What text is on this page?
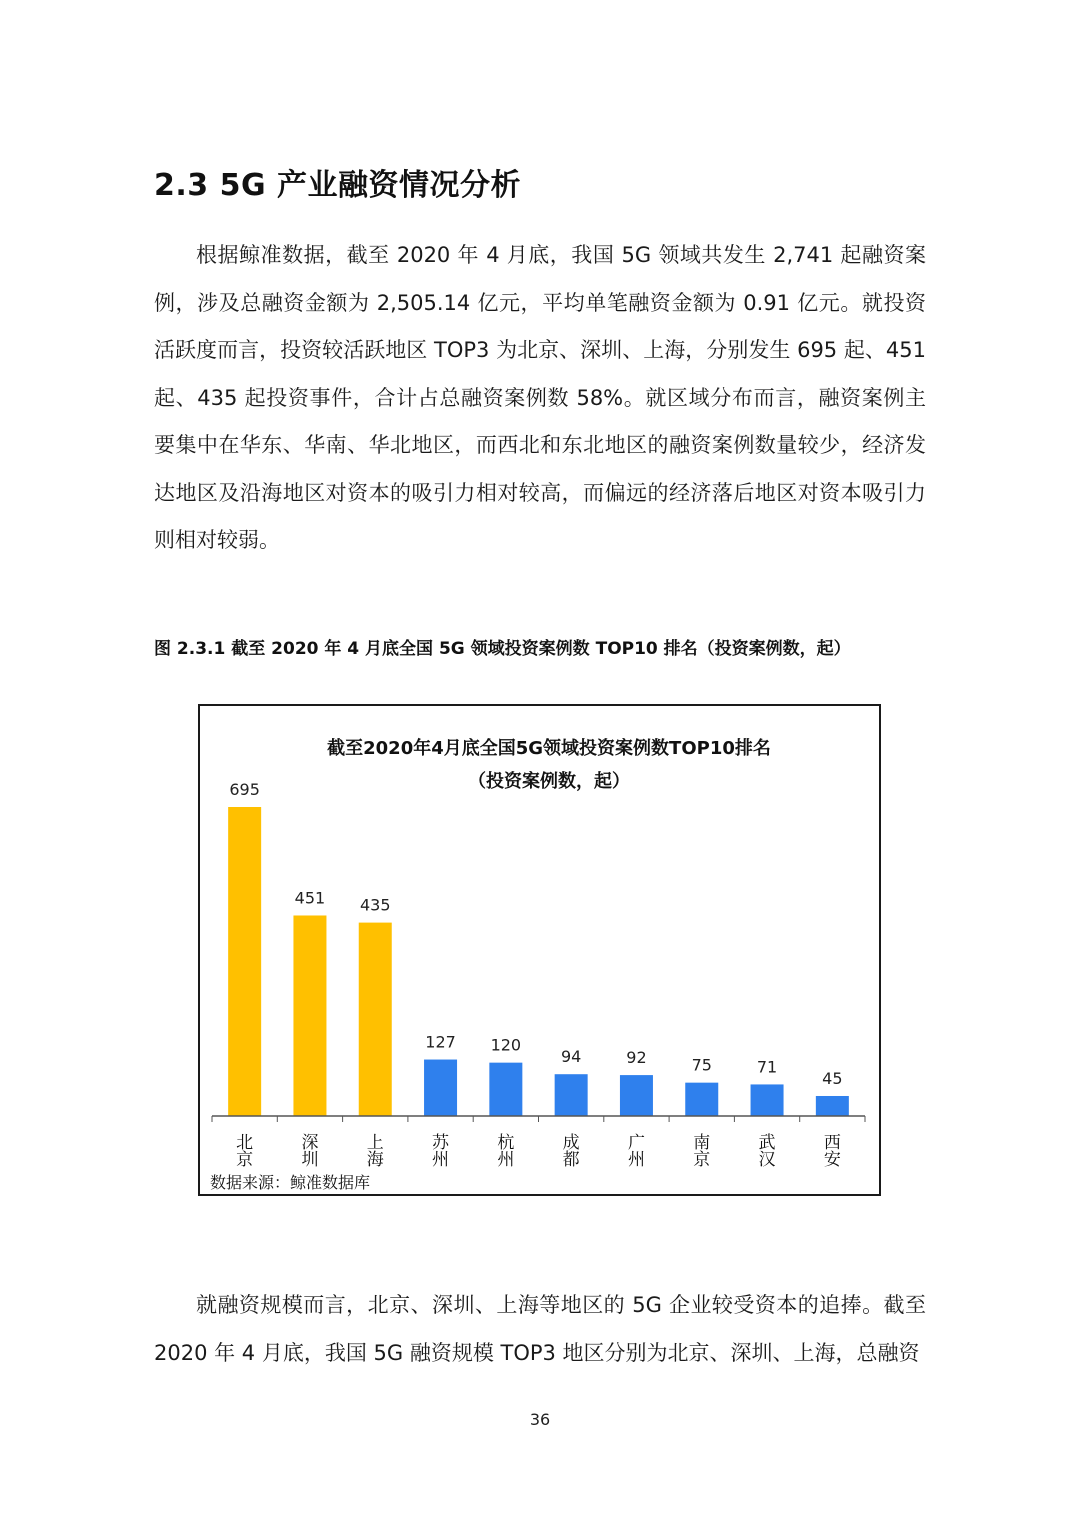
2.3 5G 产业融资情况分析

根据鲸准数据，截至 2020 年 4 月底，我国 5G 领域共发生 2,741 起融资案例，涉及总融资金额为 2,505.14 亿元，平均单笔融资金额为 0.91 亿元。就投资活跃度而言，投资较活跃地区 TOP3 为北京、深圳、上海，分别发生 695 起、451 起、435 起投资事件，合计占总融资案例数 58%。就区域分布而言，融资案例主要集中在华东、华南、华北地区，而西北和东北地区的融资案例数量较少，经济发达地区及沿海地区对资本的吸引力相对较高，而偏远的经济落后地区对资本吸引力则相对较弱。

图 2.3.1 截至 2020 年 4 月底全国 5G 领域投资案例数 TOP10 排名（投资案例数，起）

截至2020年4月底全国5G领域投资案例数TOP10排名
（投资案例数，起）
695
451 435
127 120
94	92	75	71
45
北京
深圳
上海
苏州
杭州
成都
广州
南京
武汉
西安
数据来源：鲸准数据库

就融资规模而言，北京、深圳、上海等地区的 5G 企业较受资本的追捧。截至 2020 年 4 月底，我国 5G 融资规模 TOP3 地区分别为北京、深圳、上海，总融资

36
